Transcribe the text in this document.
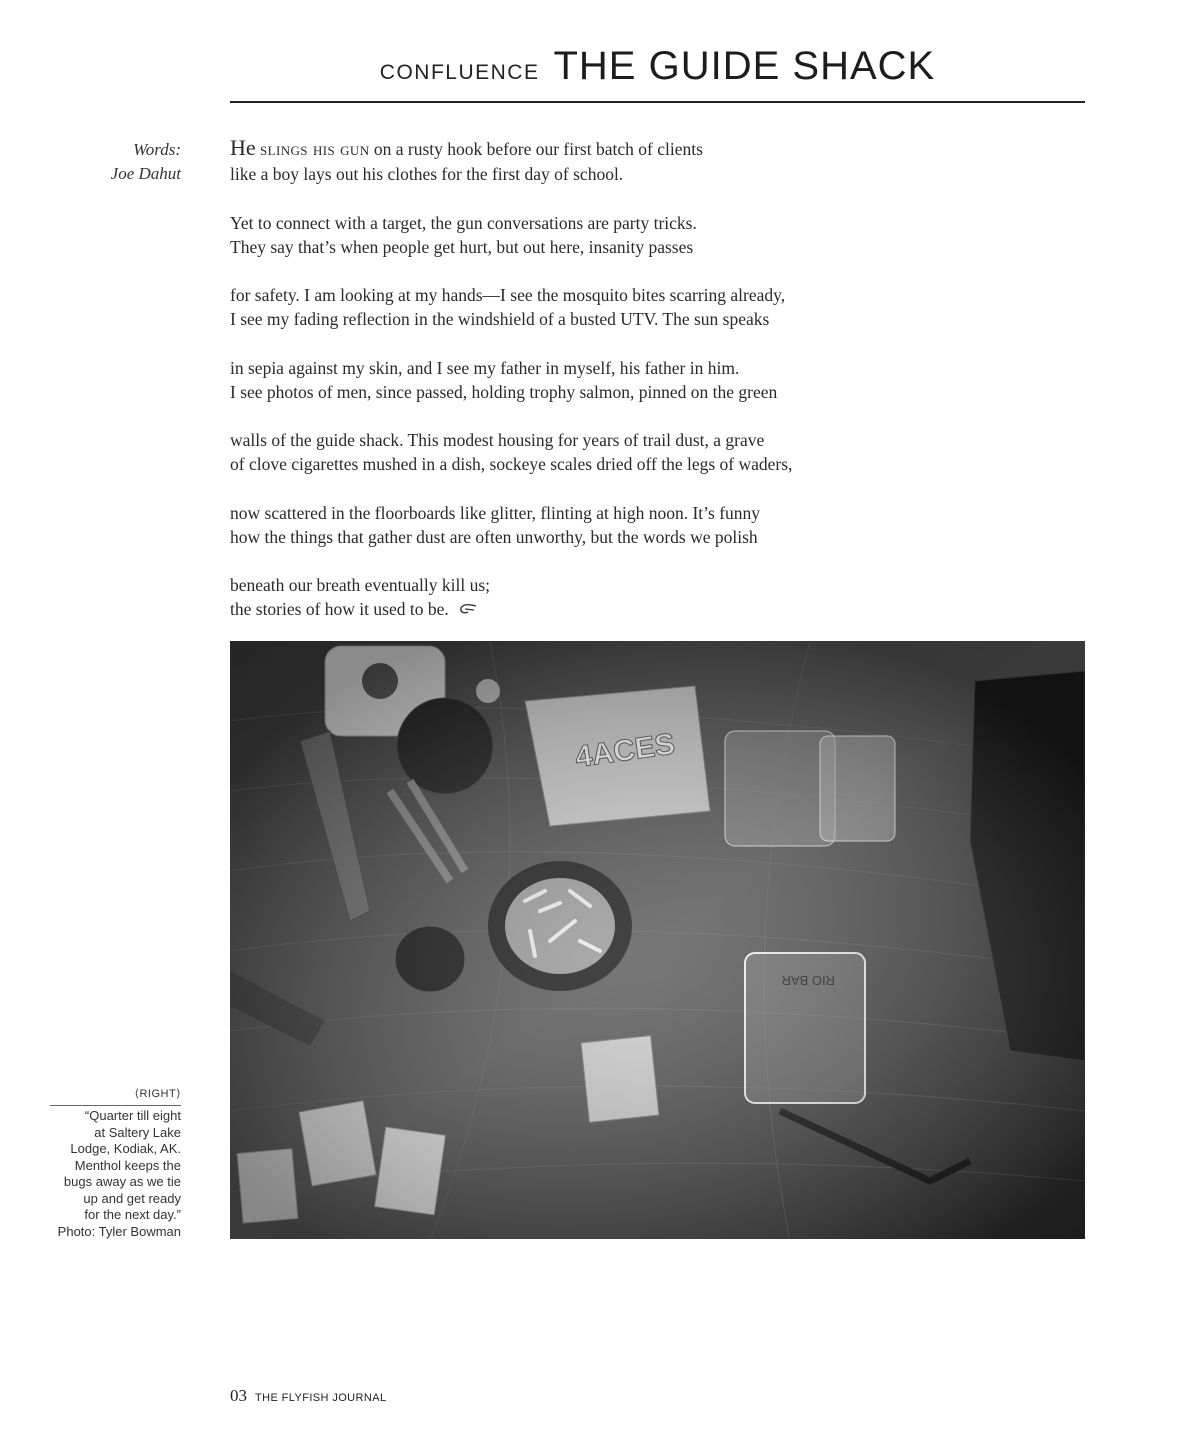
CONFLUENCE THE GUIDE SHACK
Words:
Joe Dahut
He slings his gun on a rusty hook before our first batch of clients
like a boy lays out his clothes for the first day of school.
Yet to connect with a target, the gun conversations are party tricks.
They say that’s when people get hurt, but out here, insanity passes
for safety. I am looking at my hands—I see the mosquito bites scarring already,
I see my fading reflection in the windshield of a busted UTV. The sun speaks
in sepia against my skin, and I see my father in myself, his father in him.
I see photos of men, since passed, holding trophy salmon, pinned on the green
walls of the guide shack. This modest housing for years of trail dust, a grave
of clove cigarettes mushed in a dish, sockeye scales dried off the legs of waders,
now scattered in the floorboards like glitter, flinting at high noon. It’s funny
how the things that gather dust are often unworthy, but the words we polish
beneath our breath eventually kill us;
the stories of how it used to be.
⟨RIGHT⟩
“Quarter till eight
at Saltery Lake
Lodge, Kodiak, AK.
Menthol keeps the
bugs away as we tie
up and get ready
for the next day.”
Photo: Tyler Bowman
03 THE FLYFISH JOURNAL
